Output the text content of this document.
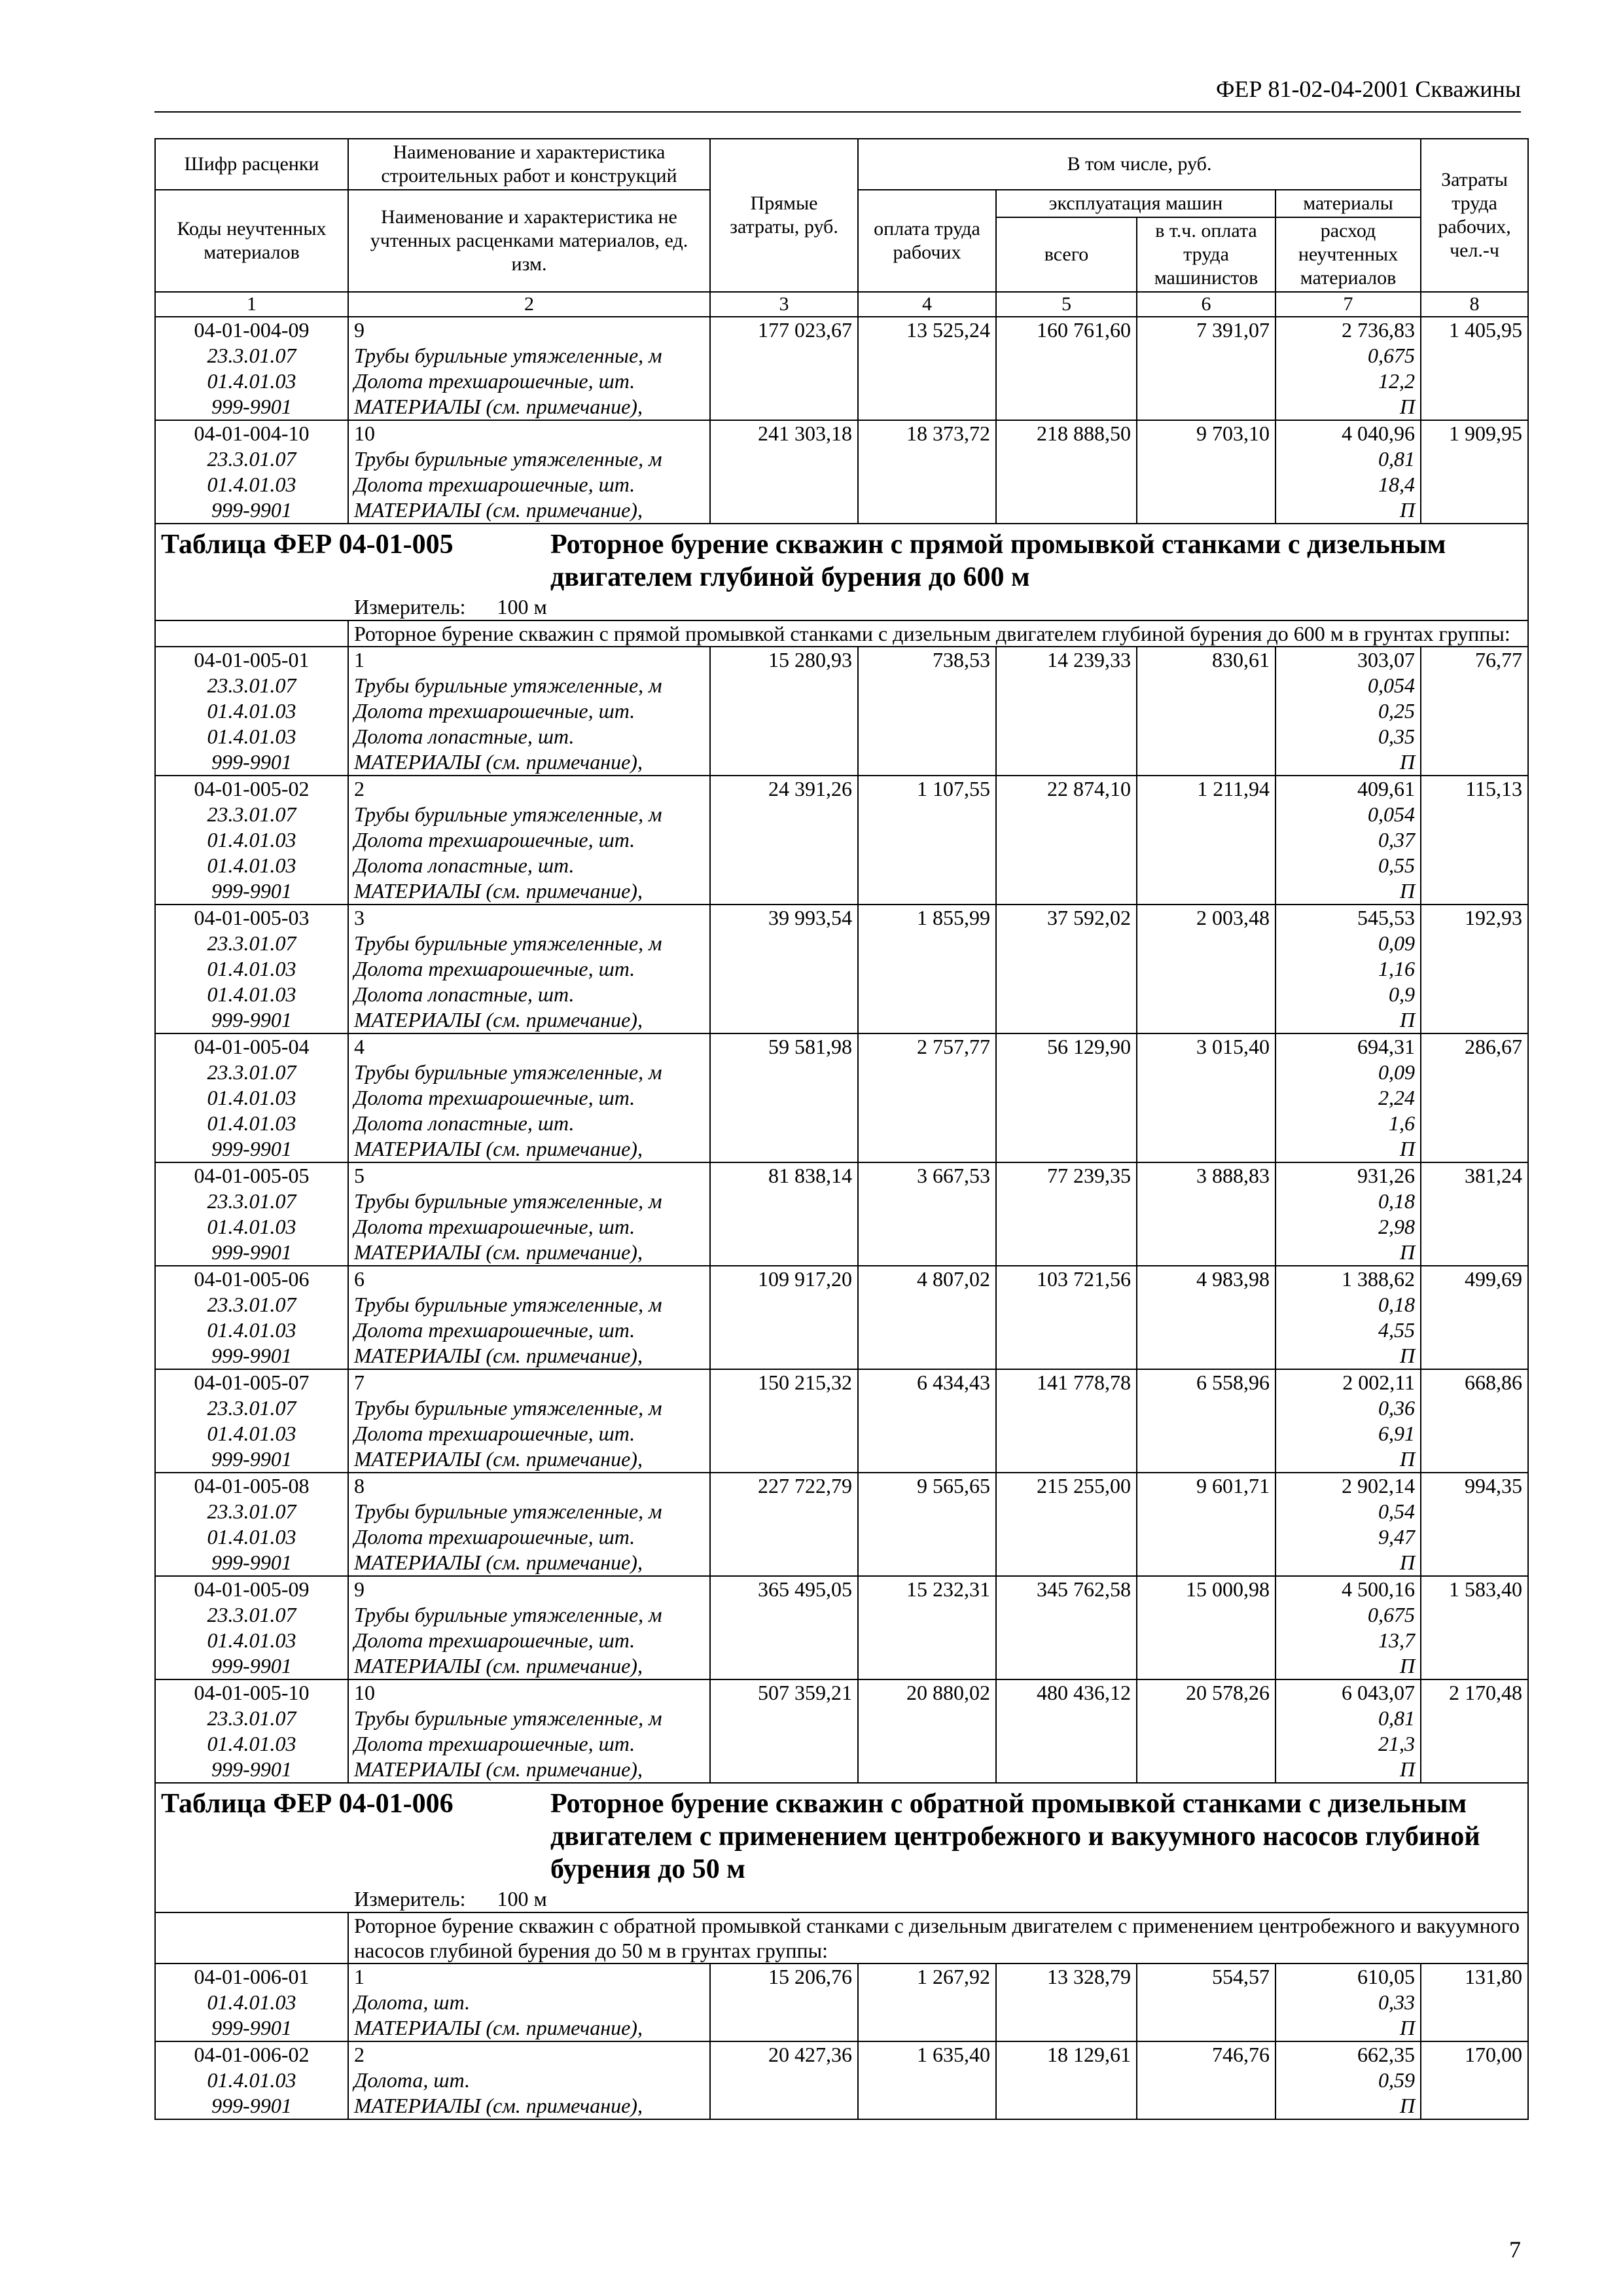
ФЕР 81-02-04-2001 Скважины
Шифр расценки	Наименование и характеристика строительных работ и конструкций	Прямые затраты, руб.	В том числе, руб.				Затраты труда рабочих, чел.-ч
Коды неучтенных материалов	Наименование и характеристика не учтенных расценками материалов, ед. изм.						
			оплата труда рабочих	эксплуатация машин		материалы	
				всего	в т.ч. оплата труда машинистов	расход неучтенных материалов	
1	2	3	4	5	6	7	8
04-01-004-09	9	177 023,67	13 525,24	160 761,60	7 391,07	2 736,83	1 405,95
23.3.01.07	Трубы бурильные утяжеленные, м					0,675	
01.4.01.03	Долота трехшарошечные, шт.					12,2	
999-9901	МАТЕРИАЛЫ (см. примечание),					П	
04-01-004-10	10	241 303,18	18 373,72	218 888,50	9 703,10	4 040,96	1 909,95
23.3.01.07	Трубы бурильные утяжеленные, м					0,81	
01.4.01.03	Долота трехшарошечные, шт.					18,4	
999-9901	МАТЕРИАЛЫ (см. примечание),					П	

Таблица ФЕР 04-01-005 Роторное бурение скважин с прямой промывкой станками с дизельным двигателем глубиной бурения до 600 м
Измеритель: 100 м							

	Роторное бурение скважин с прямой промывкой станками с дизельным двигателем глубиной бурения до 600 м в грунтах группы:						
04-01-005-01	1	15 280,93	738,53	14 239,33	830,61	303,07	76,77
23.3.01.07	Трубы бурильные утяжеленные, м					0,054	
01.4.01.03	Долота трехшарошечные, шт.					0,25	
01.4.01.03	Долота лопастные, шт.					0,35	
999-9901	МАТЕРИАЛЫ (см. примечание),					П	
04-01-005-02	2	24 391,26	1 107,55	22 874,10	1 211,94	409,61	115,13
23.3.01.07	Трубы бурильные утяжеленные, м					0,054	
01.4.01.03	Долота трехшарошечные, шт.					0,37	
01.4.01.03	Долота лопастные, шт.					0,55	
999-9901	МАТЕРИАЛЫ (см. примечание),					П	
04-01-005-03	3	39 993,54	1 855,99	37 592,02	2 003,48	545,53	192,93
23.3.01.07	Трубы бурильные утяжеленные, м					0,09	
01.4.01.03	Долота трехшарошечные, шт.					1,16	
01.4.01.03	Долота лопастные, шт.					0,9	
999-9901	МАТЕРИАЛЫ (см. примечание),					П	
04-01-005-04	4	59 581,98	2 757,77	56 129,90	3 015,40	694,31	286,67
23.3.01.07	Трубы бурильные утяжеленные, м					0,09	
01.4.01.03	Долота трехшарошечные, шт.					2,24	
01.4.01.03	Долота лопастные, шт.					1,6	
999-9901	МАТЕРИАЛЫ (см. примечание),					П	
04-01-005-05	5	81 838,14	3 667,53	77 239,35	3 888,83	931,26	381,24
23.3.01.07	Трубы бурильные утяжеленные, м					0,18	
01.4.01.03	Долота трехшарошечные, шт.					2,98	
999-9901	МАТЕРИАЛЫ (см. примечание),					П	
04-01-005-06	6	109 917,20	4 807,02	103 721,56	4 983,98	1 388,62	499,69
23.3.01.07	Трубы бурильные утяжеленные, м					0,18	
01.4.01.03	Долота трехшарошечные, шт.					4,55	
999-9901	МАТЕРИАЛЫ (см. примечание),					П	
04-01-005-07	7	150 215,32	6 434,43	141 778,78	6 558,96	2 002,11	668,86
23.3.01.07	Трубы бурильные утяжеленные, м					0,36	
01.4.01.03	Долота трехшарошечные, шт.					6,91	
999-9901	МАТЕРИАЛЫ (см. примечание),					П	
04-01-005-08	8	227 722,79	9 565,65	215 255,00	9 601,71	2 902,14	994,35
23.3.01.07	Трубы бурильные утяжеленные, м					0,54	
01.4.01.03	Долота трехшарошечные, шт.					9,47	
999-9901	МАТЕРИАЛЫ (см. примечание),					П	
04-01-005-09	9	365 495,05	15 232,31	345 762,58	15 000,98	4 500,16	1 583,40
23.3.01.07	Трубы бурильные утяжеленные, м					0,675	
01.4.01.03	Долота трехшарошечные, шт.					13,7	
999-9901	МАТЕРИАЛЫ (см. примечание),					П	
04-01-005-10	10	507 359,21	20 880,02	480 436,12	20 578,26	6 043,07	2 170,48
23.3.01.07	Трубы бурильные утяжеленные, м					0,81	
01.4.01.03	Долота трехшарошечные, шт.					21,3	
999-9901	МАТЕРИАЛЫ (см. примечание),					П	

Таблица ФЕР 04-01-006 Роторное бурение скважин с обратной промывкой станками с дизельным двигателем с применением центробежного и вакуумного насосов глубиной бурения до 50 м
Измеритель: 100 м							

	Роторное бурение скважин с обратной промывкой станками с дизельным двигателем с применением центробежного и вакуумного насосов глубиной бурения до 50 м в грунтах группы:						
04-01-006-01	1	15 206,76	1 267,92	13 328,79	554,57	610,05	131,80
01.4.01.03	Долота, шт.					0,33	
999-9901	МАТЕРИАЛЫ (см. примечание),					П	
04-01-006-02	2	20 427,36	1 635,40	18 129,61	746,76	662,35	170,00
01.4.01.03	Долота, шт.					0,59	
999-9901	МАТЕРИАЛЫ (см. примечание),					П	
7
